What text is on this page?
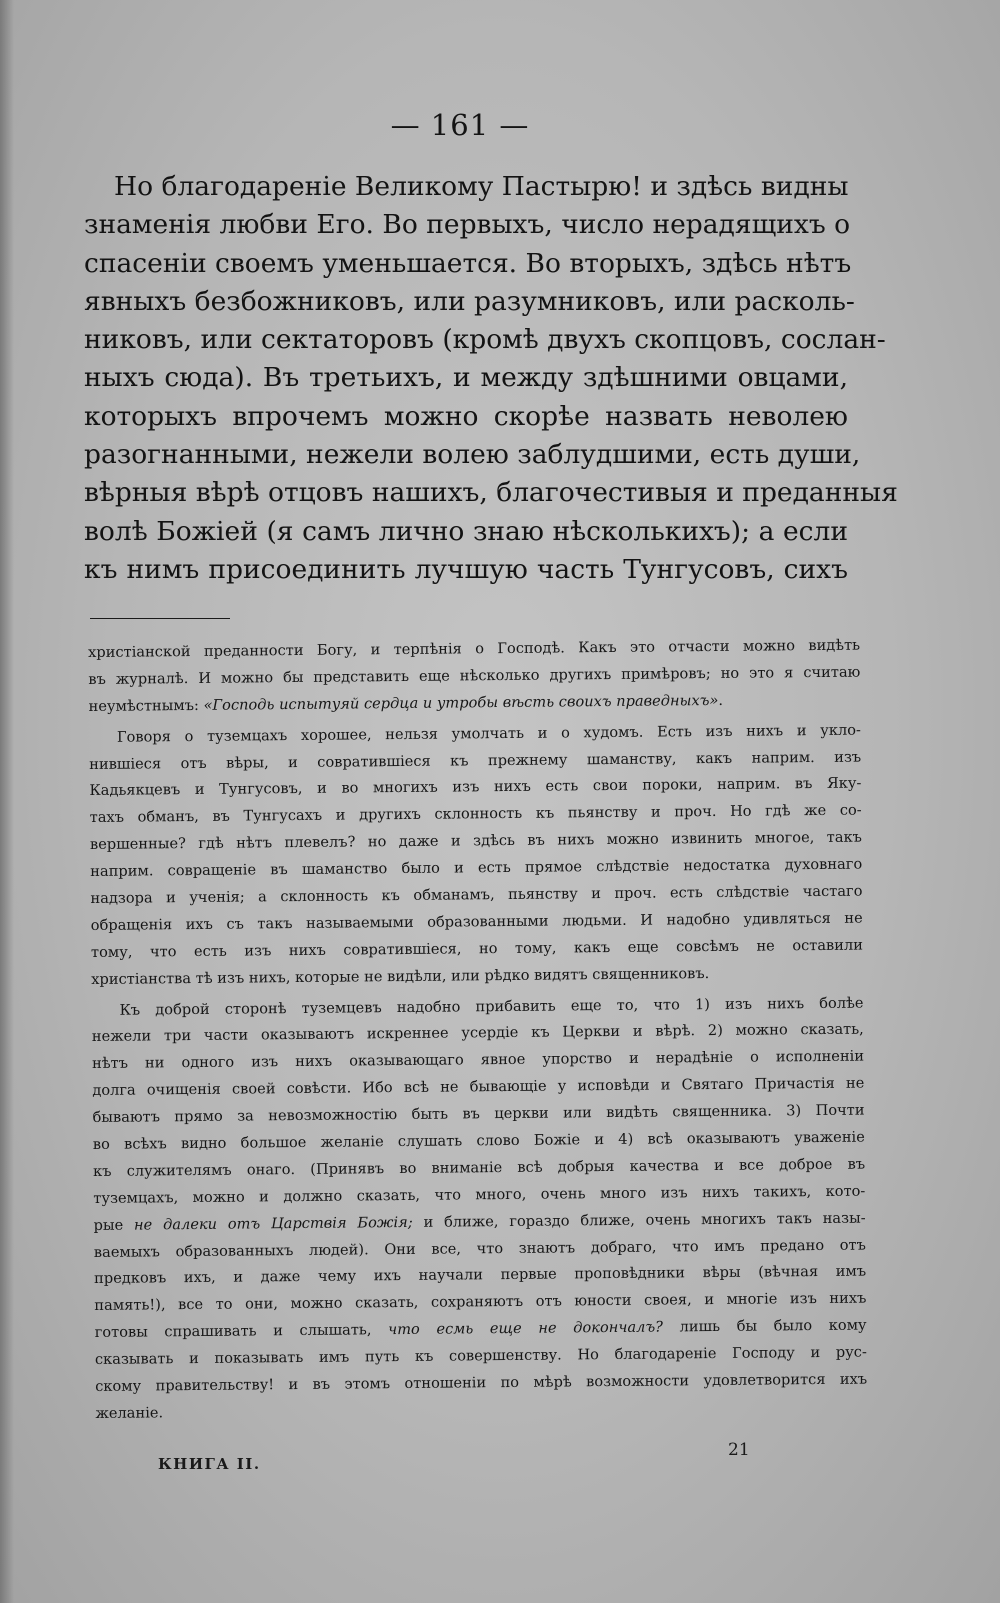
— 161 —
Но благодареніе Великому Пастырю! и здѣсь видны
знаменія любви Его. Во первыхъ, число нерадящихъ о
спасеніи своемъ уменьшается. Во вторыхъ, здѣсь нѣтъ
явныхъ безбожниковъ, или разумниковъ, или расколь-
никовъ, или сектаторовъ (кромѣ двухъ скопцовъ, сослан-
ныхъ сюда). Въ третьихъ, и между здѣшними овцами,
которыхъ впрочемъ можно скорѣе назвать неволею
разогнанными, нежели волею заблудшими, есть души,
вѣрныя вѣрѣ отцовъ нашихъ, благочестивыя и преданныя
волѣ Божіей (я самъ лично знаю нѣсколькихъ); а если
къ нимъ присоединить лучшую часть Тунгусовъ, сихъ
христіанской преданности Богу, и терпѣнія о Господѣ. Какъ это отчасти можно видѣть
въ журналѣ. И можно бы представить еще нѣсколько другихъ примѣровъ; но это я считаю
неумѣстнымъ: «Господь испытуяй сердца и утробы вѣсть своихъ праведныхъ».
Говоря о туземцахъ хорошее, нельзя умолчать и о худомъ. Есть изъ нихъ и укло-
нившіеся отъ вѣры, и совратившіеся къ прежнему шаманству, какъ наприм. изъ
Кадьякцевъ и Тунгусовъ, и во многихъ изъ нихъ есть свои пороки, наприм. въ Яку-
тахъ обманъ, въ Тунгусахъ и другихъ склонность къ пьянству и проч. Но гдѣ же со-
вершенные? гдѣ нѣтъ плевелъ? но даже и здѣсь въ нихъ можно извинить многое, такъ
наприм. совращеніе въ шаманство было и есть прямое слѣдствіе недостатка духовнаго
надзора и ученія; а склонность къ обманамъ, пьянству и проч. есть слѣдствіе частаго
обращенія ихъ съ такъ называемыми образованными людьми. И надобно удивляться не
тому, что есть изъ нихъ совратившіеся, но тому, какъ еще совсѣмъ не оставили
христіанства тѣ изъ нихъ, которые не видѣли, или рѣдко видятъ священниковъ.
Къ доброй сторонѣ туземцевъ надобно прибавить еще то, что 1) изъ нихъ болѣе
нежели три части оказываютъ искреннее усердіе къ Церкви и вѣрѣ. 2) можно сказать,
нѣтъ ни одного изъ нихъ оказывающаго явное упорство и нерадѣніе о исполненіи
долга очищенія своей совѣсти. Ибо всѣ не бывающіе у исповѣди и Святаго Причастія не
бываютъ прямо за невозможностію быть въ церкви или видѣть священника. 3) Почти
во всѣхъ видно большое желаніе слушать слово Божіе и 4) всѣ оказываютъ уваженіе
къ служителямъ онаго. (Принявъ во вниманіе всѣ добрыя качества и все доброе въ
туземцахъ, можно и должно сказать, что много, очень много изъ нихъ такихъ, кото-
рые не далеки отъ Царствія Божія; и ближе, гораздо ближе, очень многихъ такъ назы-
ваемыхъ образованныхъ людей). Они все, что знаютъ добраго, что имъ предано отъ
предковъ ихъ, и даже чему ихъ научали первые проповѣдники вѣры (вѣчная имъ
память!), все то они, можно сказать, сохраняютъ отъ юности своея, и многіе изъ нихъ
готовы спрашивать и слышать, что есмь еще не докончалъ? лишь бы было кому
сказывать и показывать имъ путь къ совершенству. Но благодареніе Господу и рус-
скому правительству! и въ этомъ отношеніи по мѣрѣ возможности удовлетворится ихъ
желаніе.
21
КНИГА II.
